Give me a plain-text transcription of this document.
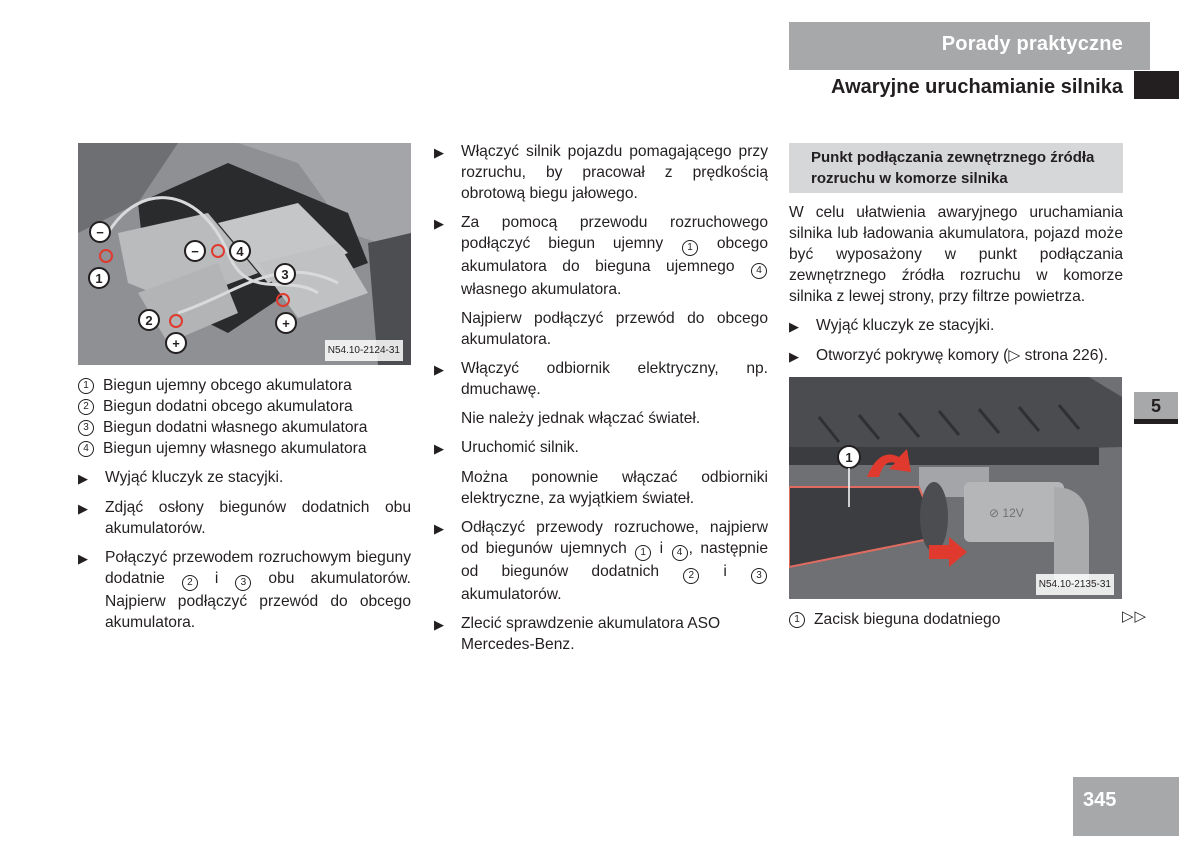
Porady praktyczne
Awaryjne uruchamianie silnika
−
1
−	4
3
+
2
+	N54.10-2124-31
1 Biegun ujemny obcego akumulatora
2 Biegun dodatni obcego akumulatora
3 Biegun dodatni własnego akumulatora
4 Biegun ujemny własnego akumulatora
▶	Wyjąć kluczyk ze stacyjki.
▶	Zdjąć osłony biegunów dodatnich obu akumulatorów.
▶	Połączyć przewodem rozruchowym bieguny dodatnie 2 i 3 obu akumulatorów. Najpierw podłączyć przewód do obcego akumulatora.
▶	Włączyć silnik pojazdu pomagającego przy rozruchu, by pracował z prędkością obrotową biegu jałowego.
▶	Za pomocą przewodu rozruchowego podłączyć biegun ujemny 1 obcego akumulatora do bieguna ujemnego 4 własnego akumulatora.
Najpierw podłączyć przewód do obcego akumulatora.
▶	Włączyć odbiornik elektryczny, np. dmuchawę.
Nie należy jednak włączać świateł.
▶	Uruchomić silnik.
Można ponownie włączać odbiorniki elektryczne, za wyjątkiem świateł.
▶	Odłączyć przewody rozruchowe, najpierw od biegunów ujemnych 1 i 4 , następnie od biegunów dodatnich 2 i 3 akumulatorów.
▶	Zlecić sprawdzenie akumulatora ASO Mercedes-Benz.
Punkt podłączania zewnętrznego źródła rozruchu w komorze silnika
W celu ułatwienia awaryjnego uruchamiania silnika lub ładowania akumulatora, pojazd może być wyposażony w punkt podłączania zewnętrznego źródła rozruchu w komorze silnika z lewej strony, przy filtrze powietrza.
▶	Wyjąć kluczyk ze stacyjki.
▶	Otworzyć pokrywę komory (▷ strona 226).
⊘ 12V
1
N54.10-2135-31
1 Zacisk bieguna dodatniego	▷▷
5
345
